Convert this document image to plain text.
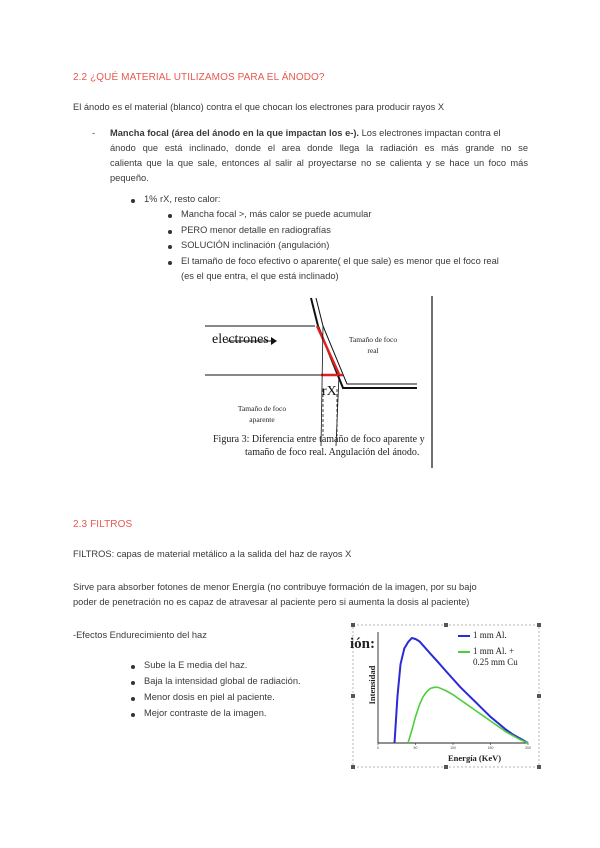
2.2 ¿QUÉ MATERIAL UTILIZAMOS PARA EL ÁNODO?
El ánodo es el material (blanco) contra el que chocan los electrones para producir rayos X
- Mancha focal (área del ánodo en la que impactan los e-). Los electrones impactan contra el
ánodo que está inclinado, donde el area donde llega la radiación es más grande no se
calienta que la que sale, entonces al salir al proyectarse no se calienta y se hace un foco más
pequeño.
1% rX, resto calor:
Mancha focal >, más calor se puede acumular
PERO menor detalle en radiografías
SOLUCIÓN inclinación (angulación)
El tamaño de foco efectivo o aparente( el que sale) es menor que el foco real
(es el que entra, el que está inclinado)
electrones	Tamaño de foco
real
rX
Tamaño de foco
aparente
Figura 3: Diferencia entre tamaño de foco aparente y
tamaño de foco real. Angulación del ánodo.
2.3 FILTROS
FILTROS: capas de material metálico a la salida del haz de rayos X
Sirve para absorber fotones de menor Energía (no contribuye formación de la imagen, por su bajo
poder de penetración no es capaz de atravesar al paciente pero si aumenta la dosis al paciente)
-Efectos Endurecimiento del haz
Sube la E media del haz.
Baja la intensidad global de radiación.
Menor dosis en piel al paciente.
Mejor contraste de la imagen.
0	50	100	150	200
ión:
1 mm Al.
1 mm Al. +
0.25 mm Cu
Energía (KeV)
Intensidad
